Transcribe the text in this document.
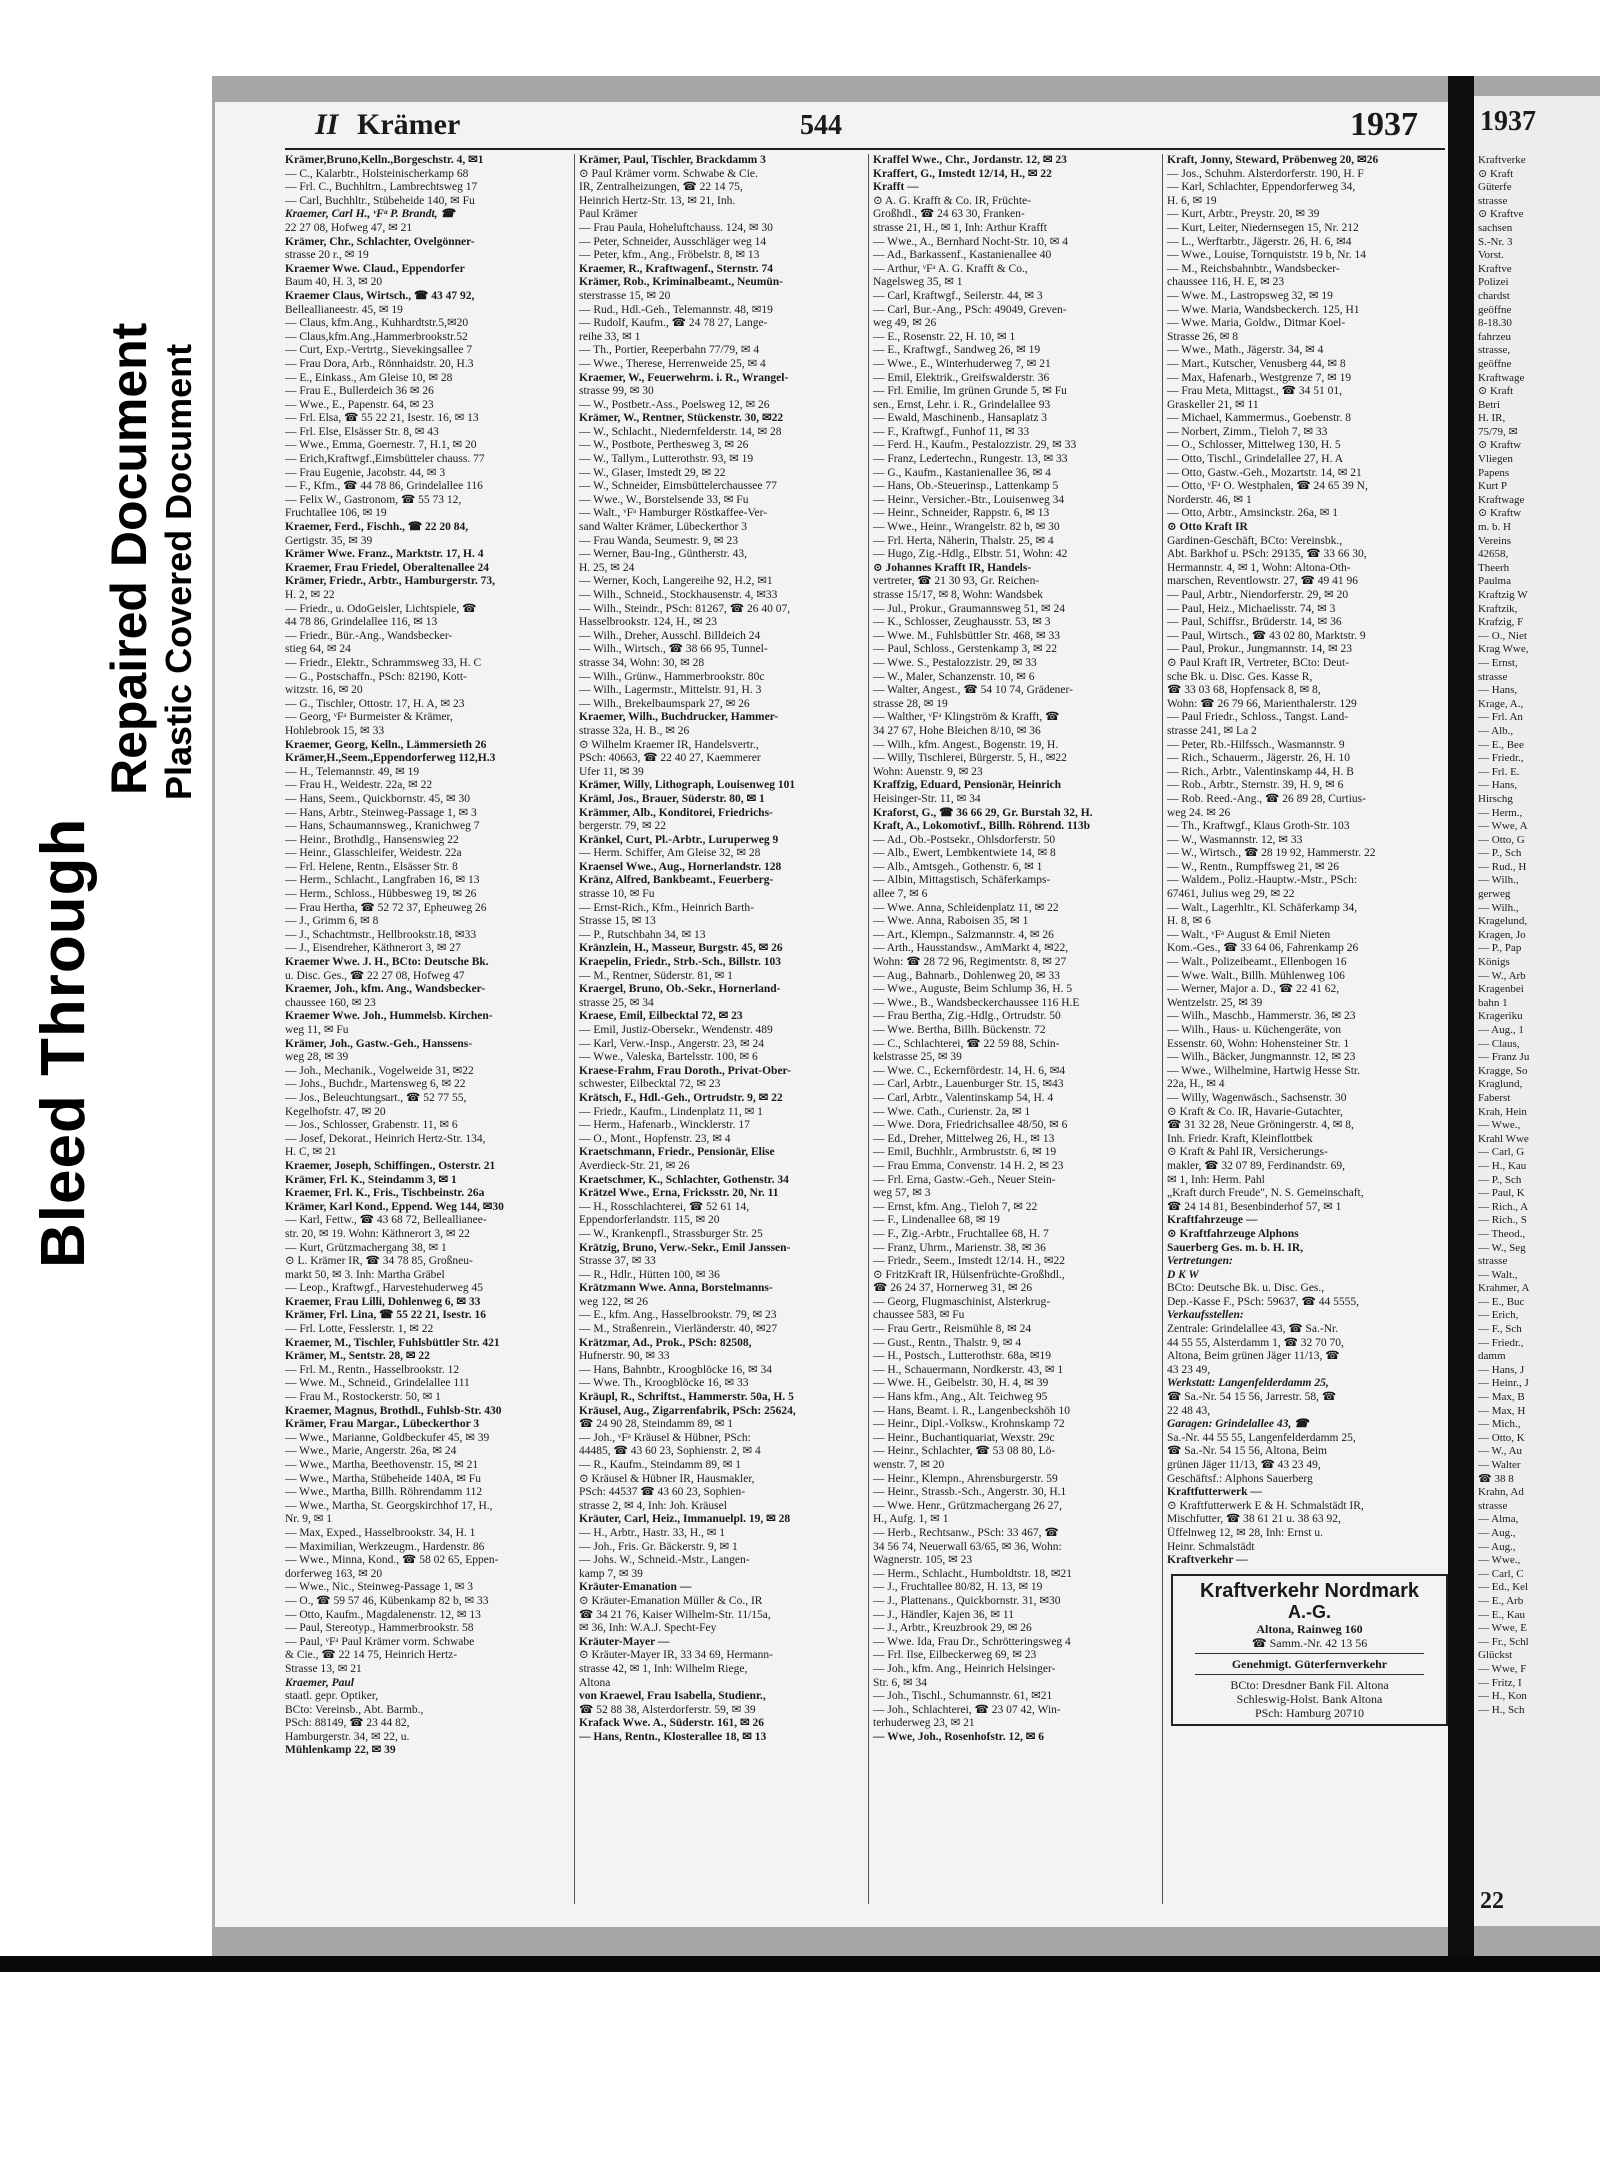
Bleed Through
Repaired Document Plastic Covered Document
II Krämer	544	1937
Krämer,Bruno,Kelln.,Borgeschstr. 4, ✉1
— C., Kalarbtr., Holsteinischerkamp 68
— Frl. C., Buchhltrn., Lambrechtsweg 17
— Carl, Buchhltr., Stübeheide 140, ✉ Fu
Kraemer, Carl H., ᵛFᵃ P. Brandt, ☎
22 27 08, Hofweg 47, ✉ 21
Krämer, Chr., Schlachter, Ovelgönner-
strasse 20 r., ✉ 19
Kraemer Wwe. Claud., Eppendorfer
Baum 40, H. 3, ✉ 20
Kraemer Claus, Wirtsch., ☎ 43 47 92,
Belleallianeestr. 45, ✉ 19
— Claus, kfm.Ang., Kuhhardtstr.5,✉20
— Claus,kfm.Ang.,Hammerbrookstr.52
— Curt, Exp.-Vertrtg., Sievekingsallee 7
— Frau Dora, Arb., Rönnhaidstr. 20, H.3
— E., Einkass., Am Gleise 10, ✉ 28
— Frau E., Bullerdeich 36 ✉ 26
— Wwe., E., Papenstr. 64, ✉ 23
— Frl. Elsa, ☎ 55 22 21, Isestr. 16, ✉ 13
— Frl. Else, Elsässer Str. 8, ✉ 43
— Wwe., Emma, Goernestr. 7, H.1, ✉ 20
— Erich,Kraftwgf.,Eimsbütteler chauss. 77
— Frau Eugenie, Jacobstr. 44, ✉ 3
— F., Kfm., ☎ 44 78 86, Grindelallee 116
— Felix W., Gastronom, ☎ 55 73 12,
Fruchtallee 106, ✉ 19
Kraemer, Ferd., Fischh., ☎ 22 20 84,
Gertigstr. 35, ✉ 39
Krämer Wwe. Franz., Marktstr. 17, H. 4
Kraemer, Frau Friedel, Oberaltenallee 24
Krämer, Friedr., Arbtr., Hamburgerstr. 73,
H. 2, ✉ 22
— Friedr., u. OdoGeisler, Lichtspiele, ☎
44 78 86, Grindelallee 116, ✉ 13
— Friedr., Bür.-Ang., Wandsbecker-
stieg 64, ✉ 24
— Friedr., Elektr., Schrammsweg 33, H. C
— G., Postschaffn., PSch: 82190, Kott-
witzstr. 16, ✉ 20
— G., Tischler, Ottostr. 17, H. A, ✉ 23
— Georg, ᵛFᵃ Burmeister & Krämer,
Hohlebrook 15, ✉ 33
Kraemer, Georg, Kelln., Lämmersieth 26
Krämer,H.,Seem.,Eppendorferweg 112,H.3
— H., Telemannstr. 49, ✉ 19
— Frau H., Weidestr. 22a, ✉ 22
— Hans, Seem., Quickbornstr. 45, ✉ 30
— Hans, Arbtr., Steinweg-Passage 1, ✉ 3
— Hans, Schaumannsweg., Kranichweg 7
— Heinr., Brothdlg., Hansenswieg 22
— Heinr., Glasschleifer, Weidestr. 22a
— Frl. Helene, Rentn., Elsässer Str. 8
— Herm., Schlacht., Langfraben 16, ✉ 13
— Herm., Schloss., Hübbesweg 19, ✉ 26
— Frau Hertha, ☎ 52 72 37, Epheuweg 26
— J., Grimm 6, ✉ 8
— J., Schachtmstr., Hellbrookstr.18, ✉33
— J., Eisendreher, Käthnerort 3, ✉ 27
Kraemer Wwe. J. H., BCto: Deutsche Bk.
u. Disc. Ges., ☎ 22 27 08, Hofweg 47
Kraemer, Joh., kfm. Ang., Wandsbecker-
chaussee 160, ✉ 23
Kraemer Wwe. Joh., Hummelsb. Kirchen-
weg 11, ✉ Fu
Krämer, Joh., Gastw.-Geh., Hanssens-
weg 28, ✉ 39
— Joh., Mechanik., Vogelweide 31, ✉22
— Johs., Buchdr., Martensweg 6, ✉ 22
— Jos., Beleuchtungsart., ☎ 52 77 55,
Kegelhofstr. 47, ✉ 20
— Jos., Schlosser, Grabenstr. 11, ✉ 6
— Josef, Dekorat., Heinrich Hertz-Str. 134,
H. C, ✉ 21
Kraemer, Joseph, Schiffingen., Osterstr. 21
Krämer, Frl. K., Steindamm 3, ✉ 1
Kraemer, Frl. K., Fris., Tischbeinstr. 26a
Krämer, Karl Kond., Eppend. Weg 144, ✉30
— Karl, Fettw., ☎ 43 68 72, Belleallianee-
str. 20, ✉ 19. Wohn: Käthnerort 3, ✉ 22
— Kurt, Grützmachergang 38, ✉ 1
⊙ L. Krämer IR, ☎ 34 78 85, Großneu-
markt 50, ✉ 3. Inh: Martha Gräbel
— Leop., Kraftwgf., Harvestehuderweg 45
Kraemer, Frau Lilli, Dohlenweg 6, ✉ 33
Krämer, Frl. Lina, ☎ 55 22 21, Isestr. 16
— Frl. Lotte, Fesslerstr. 1, ✉ 22
Kraemer, M., Tischler, Fuhlsbüttler Str. 421
Krämer, M., Sentstr. 28, ✉ 22
— Frl. M., Rentn., Hasselbrookstr. 12
— Wwe. M., Schneid., Grindelallee 111
— Frau M., Rostockerstr. 50, ✉ 1
Kraemer, Magnus, Brothdl., Fuhlsb-Str. 430
Krämer, Frau Margar., Lübeckerthor 3
— Wwe., Marianne, Goldbeckufer 45, ✉ 39
— Wwe., Marie, Angerstr. 26a, ✉ 24
— Wwe., Martha, Beethovenstr. 15, ✉ 21
— Wwe., Martha, Stübeheide 140A, ✉ Fu
— Wwe., Martha, Billh. Röhrendamm 112
— Wwe., Martha, St. Georgskirchhof 17, H.,
Nr. 9, ✉ 1
— Max, Exped., Hasselbrookstr. 34, H. 1
— Maximilian, Werkzeugm., Hardenstr. 86
— Wwe., Minna, Kond., ☎ 58 02 65, Eppen-
dorferweg 163, ✉ 20
— Wwe., Nic., Steinweg-Passage 1, ✉ 3
— O., ☎ 59 57 46, Kübenkamp 82 b, ✉ 33
— Otto, Kaufm., Magdalenenstr. 12, ✉ 13
— Paul, Stereotyp., Hammerbrookstr. 58
— Paul, ᵛFᵃ Paul Krämer vorm. Schwabe
& Cie., ☎ 22 14 75, Heinrich Hertz-
Strasse 13, ✉ 21
Kraemer, Paul
staatl. gepr. Optiker,
BCto: Vereinsb., Abt. Barmb.,
PSch: 88149, ☎ 23 44 82,
Hamburgerstr. 34, ✉ 22, u.
Mühlenkamp 22, ✉ 39
Krämer, Paul, Tischler, Brackdamm 3
⊙ Paul Krämer vorm. Schwabe & Cie.
IR, Zentralheizungen, ☎ 22 14 75,
Heinrich Hertz-Str. 13, ✉ 21, Inh.
Paul Krämer
— Frau Paula, Hoheluftchauss. 124, ✉ 30
— Peter, Schneider, Ausschläger weg 14
— Peter, kfm., Ang., Fröbelstr. 8, ✉ 13
Kraemer, R., Kraftwagenf., Sternstr. 74
Krämer, Rob., Kriminalbeamt., Neumün-
sterstrasse 15, ✉ 20
— Rud., Hdl.-Geh., Telemannstr. 48, ✉19
— Rudolf, Kaufm., ☎ 24 78 27, Lange-
reihe 33, ✉ 1
— Th., Portier, Reeperbahn 77/79, ✉ 4
— Wwe., Therese, Herrenweide 25, ✉ 4
Kraemer, W., Feuerwehrm. i. R., Wrangel-
strasse 99, ✉ 30
— W., Postbetr.-Ass., Poelsweg 12, ✉ 26
Krämer, W., Rentner, Stückenstr. 30, ✉22
— W., Schlacht., Niedernfelderstr. 14, ✉ 28
— W., Postbote, Perthesweg 3, ✉ 26
— W., Tallym., Lutterothstr. 93, ✉ 19
— W., Glaser, Imstedt 29, ✉ 22
— W., Schneider, Eimsbüttelerchaussee 77
— Wwe., W., Borstelsende 33, ✉ Fu
— Walt., ᵛFᵃ Hamburger Röstkaffee-Ver-
sand Walter Krämer, Lübeckerthor 3
— Frau Wanda, Seumestr. 9, ✉ 23
— Werner, Bau-Ing., Güntherstr. 43,
H. 25, ✉ 24
— Werner, Koch, Langereihe 92, H.2, ✉1
— Wilh., Schneid., Stockhausenstr. 4, ✉33
— Wilh., Steindr., PSch: 81267, ☎ 26 40 07,
Hasselbrookstr. 124, H., ✉ 23
— Wilh., Dreher, Ausschl. Billdeich 24
— Wilh., Wirtsch., ☎ 38 66 95, Tunnel-
strasse 34, Wohn: 30, ✉ 28
— Wilh., Grünw., Hammerbrookstr. 80c
— Wilh., Lagermstr., Mittelstr. 91, H. 3
— Wilh., Brekelbaumspark 27, ✉ 26
Kraemer, Wilh., Buchdrucker, Hammer-
strasse 32a, H. B., ✉ 26
⊙ Wilhelm Kraemer IR, Handelsvertr.,
PSch: 40663, ☎ 22 40 27, Kaemmerer
Ufer 11, ✉ 39
Krämer, Willy, Lithograph, Louisenweg 101
Kräml, Jos., Brauer, Süderstr. 80, ✉ 1
Krämmer, Alb., Konditorei, Friedrichs-
bergerstr. 79, ✉ 22
Kränkel, Curt, Pl.-Arbtr., Luruperweg 9
— Herm. Schiffer, Am Gleise 32, ✉ 28
Kraensel Wwe., Aug., Hornerlandstr. 128
Kränz, Alfred, Bankbeamt., Feuerberg-
strasse 10, ✉ Fu
— Ernst-Rich., Kfm., Heinrich Barth-
Strasse 15, ✉ 13
— P., Rutschbahn 34, ✉ 13
Kränzlein, H., Masseur, Burgstr. 45, ✉ 26
Kraepelin, Friedr., Strb.-Sch., Billstr. 103
— M., Rentner, Süderstr. 81, ✉ 1
Kraergel, Bruno, Ob.-Sekr., Hornerland-
strasse 25, ✉ 34
Kraese, Emil, Eilbecktal 72, ✉ 23
— Emil, Justiz-Obersekr., Wendenstr. 489
— Karl, Verw.-Insp., Angerstr. 23, ✉ 24
— Wwe., Valeska, Bartelsstr. 100, ✉ 6
Kraese-Frahm, Frau Doroth., Privat-Ober-
schwester, Eilbecktal 72, ✉ 23
Krätsch, F., Hdl.-Geh., Ortrudstr. 9, ✉ 22
— Friedr., Kaufm., Lindenplatz 11, ✉ 1
— Herm., Hafenarb., Wincklerstr. 17
— O., Mont., Hopfenstr. 23, ✉ 4
Kraetschmann, Friedr., Pensionär, Elise
Averdieck-Str. 21, ✉ 26
Kraetschmer, K., Schlachter, Gothenstr. 34
Krätzel Wwe., Erna, Fricksstr. 20, Nr. 11
— H., Rosschlachterei, ☎ 52 61 14,
Eppendorferlandstr. 115, ✉ 20
— W., Krankenpfl., Strassburger Str. 25
Krätzig, Bruno, Verw.-Sekr., Emil Janssen-
Strasse 37, ✉ 33
— R., Hdlr., Hütten 100, ✉ 36
Krätzmann Wwe. Anna, Borstelmanns-
weg 122, ✉ 26
— E., kfm. Ang., Hasselbrookstr. 79, ✉ 23
— M., Straßenrein., Vierländerstr. 40, ✉27
Krätzmar, Ad., Prok., PSch: 82508,
Hufnerstr. 90, ✉ 33
— Hans, Bahnbtr., Kroogblöcke 16, ✉ 34
— Wwe. Th., Kroogblöcke 16, ✉ 33
Kräupl, R., Schriftst., Hammerstr. 50a, H. 5
Kräusel, Aug., Zigarrenfabrik, PSch: 25624,
☎ 24 90 28, Steindamm 89, ✉ 1
— Joh., ᵛFᵃ Kräusel & Hübner, PSch:
44485, ☎ 43 60 23, Sophienstr. 2, ✉ 4
— R., Kaufm., Steindamm 89, ✉ 1
⊙ Kräusel & Hübner IR, Hausmakler,
PSch: 44537 ☎ 43 60 23, Sophien-
strasse 2, ✉ 4, Inh: Joh. Kräusel
Kräuter, Carl, Heiz., Immanuelpl. 19, ✉ 28
— H., Arbtr., Hastr. 33, H., ✉ 1
— Joh., Fris. Gr. Bäckerstr. 9, ✉ 1
— Johs. W., Schneid.-Mstr., Langen-
kamp 7, ✉ 39
Kräuter-Emanation —
⊙ Kräuter-Emanation Müller & Co., IR
☎ 34 21 76, Kaiser Wilhelm-Str. 11/15a,
✉ 36, Inh: W.A.J. Specht-Fey
Kräuter-Mayer —
⊙ Kräuter-Mayer IR, 33 34 69, Hermann-
strasse 42, ✉ 1, Inh: Wilhelm Riege,
Altona
von Kraewel, Frau Isabella, Studienr.,
☎ 52 88 38, Alsterdorferstr. 59, ✉ 39
Krafack Wwe. A., Süderstr. 161, ✉ 26
— Hans, Rentn., Klosterallee 18, ✉ 13
Kraffel Wwe., Chr., Jordanstr. 12, ✉ 23
Kraffert, G., Imstedt 12/14, H., ✉ 22
Krafft —
⊙ A. G. Krafft & Co. IR, Früchte-
Großhdl., ☎ 24 63 30, Franken-
strasse 21, H., ✉ 1, Inh: Arthur Krafft
— Wwe., A., Bernhard Nocht-Str. 10, ✉ 4
— Ad., Barkassenf., Kastanienallee 40
— Arthur, ᵛFᵃ A. G. Krafft & Co.,
Nagelsweg 35, ✉ 1
— Carl, Kraftwgf., Seilerstr. 44, ✉ 3
— Carl, Bur.-Ang., PSch: 49049, Greven-
weg 49, ✉ 26
— E., Rosenstr. 22, H. 10, ✉ 1
— E., Kraftwgf., Sandweg 26, ✉ 19
— Wwe., E., Winterhuderweg 7, ✉ 21
— Emil, Elektrik., Greifswalderstr. 36
— Frl. Emilie, Im grünen Grunde 5, ✉ Fu
sen., Ernst, Lehr. i. R., Grindelallee 93
— Ewald, Maschinenb., Hansaplatz 3
— F., Kraftwgf., Funhof 11, ✉ 33
— Ferd. H., Kaufm., Pestalozzistr. 29, ✉ 33
— Franz, Ledertechn., Rungestr. 13, ✉ 33
— G., Kaufm., Kastanienallee 36, ✉ 4
— Hans, Ob.-Steuerinsp., Lattenkamp 5
— Heinr., Versicher.-Btr., Louisenweg 34
— Heinr., Schneider, Rappstr. 6, ✉ 13
— Wwe., Heinr., Wrangelstr. 82 b, ✉ 30
— Frl. Herta, Näherin, Thalstr. 25, ✉ 4
— Hugo, Zig.-Hdlg., Elbstr. 51, Wohn: 42
⊙ Johannes Krafft IR, Handels-
vertreter, ☎ 21 30 93, Gr. Reichen-
strasse 15/17, ✉ 8, Wohn: Wandsbek
— Jul., Prokur., Graumannsweg 51, ✉ 24
— K., Schlosser, Zeughausstr. 53, ✉ 3
— Wwe. M., Fuhlsbüttler Str. 468, ✉ 33
— Paul, Schloss., Gerstenkamp 3, ✉ 22
— Wwe. S., Pestalozzistr. 29, ✉ 33
— W., Maler, Schanzenstr. 10, ✉ 6
— Walter, Angest., ☎ 54 10 74, Grädener-
strasse 28, ✉ 19
— Walther, ᵛFᵃ Klingström & Krafft, ☎
34 27 67, Hohe Bleichen 8/10, ✉ 36
— Wilh., kfm. Angest., Bogenstr. 19, H.
— Willy, Tischlerei, Bürgerstr. 5, H., ✉22
Wohn: Auenstr. 9, ✉ 23
Kraffzig, Eduard, Pensionär, Heinrich
Heisinger-Str. 11, ✉ 34
Kraforst, G., ☎ 36 66 29, Gr. Burstah 32, H.
Kraft, A., Lokomotivf., Billh. Röhrend. 113b
— Ad., Ob.-Postsekr., Ohlsdorferstr. 50
— Alb., Ewert, Lembkentwiete 14, ✉ 8
— Alb., Amtsgeh., Gothenstr. 6, ✉ 1
— Albin, Mittagstisch, Schäferkamps-
allee 7, ✉ 6
— Wwe. Anna, Schleidenplatz 11, ✉ 22
— Wwe. Anna, Raboisen 35, ✉ 1
— Art., Klempn., Salzmannstr. 4, ✉ 26
— Arth., Hausstandsw., AmMarkt 4, ✉22,
Wohn: ☎ 28 72 96, Regimentstr. 8, ✉ 27
— Aug., Bahnarb., Dohlenweg 20, ✉ 33
— Wwe., Auguste, Beim Schlump 36, H. 5
— Wwe., B., Wandsbeckerchaussee 116 H.E
— Frau Bertha, Zig.-Hdlg., Ortrudstr. 50
— Wwe. Bertha, Billh. Bückenstr. 72
— C., Schlachterei, ☎ 22 59 88, Schin-
kelstrasse 25, ✉ 39
— Wwe. C., Eckernfördestr. 14, H. 6, ✉4
— Carl, Arbtr., Lauenburger Str. 15, ✉43
— Carl, Arbtr., Valentinskamp 54, H. 4
— Wwe. Cath., Curienstr. 2a, ✉ 1
— Wwe. Dora, Friedrichsallee 48/50, ✉ 6
— Ed., Dreher, Mittelweg 26, H., ✉ 13
— Emil, Buchhlr., Armbruststr. 6, ✉ 19
— Frau Emma, Convenstr. 14 H. 2, ✉ 23
— Frl. Erna, Gastw.-Geh., Neuer Stein-
weg 57, ✉ 3
— Ernst, kfm. Ang., Tieloh 7, ✉ 22
— F., Lindenallee 68, ✉ 19
— F., Zig.-Arbtr., Fruchtallee 68, H. 7
— Franz, Uhrm., Marienstr. 38, ✉ 36
— Friedr., Seem., Imstedt 12/14. H., ✉22
⊙ FritzKraft IR, Hülsenfrüchte-Großhdl.,
☎ 26 24 37, Hornerweg 31, ✉ 26
— Georg, Flugmaschinist, Alsterkrug-
chaussee 583, ✉ Fu
— Frau Gertr., Reismühle 8, ✉ 24
— Gust., Rentn., Thalstr. 9, ✉ 4
— H., Postsch., Lutterothstr. 68a, ✉19
— H., Schauermann, Nordkerstr. 43, ✉ 1
— Wwe. H., Geibelstr. 30, H. 4, ✉ 39
— Hans kfm., Ang., Alt. Teichweg 95
— Hans, Beamt. i. R., Langenbeckshöh 10
— Heinr., Dipl.-Volksw., Krohnskamp 72
— Heinr., Buchantiquariat, Wexstr. 29c
— Heinr., Schlachter, ☎ 53 08 80, Lö-
wenstr. 7, ✉ 20
— Heinr., Klempn., Ahrensburgerstr. 59
— Heinr., Strassb.-Sch., Angerstr. 30, H.1
— Wwe. Henr., Grützmachergang 26 27,
H., Aufg. 1, ✉ 1
— Herb., Rechtsanw., PSch: 33 467, ☎
34 56 74, Neuerwall 63/65, ✉ 36, Wohn:
Wagnerstr. 105, ✉ 23
— Herm., Schlacht., Humboldtstr. 18, ✉21
— J., Fruchtallee 80/82, H. 13, ✉ 19
— J., Plattenans., Quickbornstr. 31, ✉30
— J., Händler, Kajen 36, ✉ 11
— J., Arbtr., Kreuzbrook 29, ✉ 26
— Wwe. Ida, Frau Dr., Schrötteringsweg 4
— Frl. Ilse, Eilbeckerweg 69, ✉ 23
— Joh., kfm. Ang., Heinrich Helsinger-
Str. 6, ✉ 34
— Joh., Tischl., Schumannstr. 61, ✉21
— Joh., Schlachterei, ☎ 23 07 42, Win-
terhuderweg 23, ✉ 21
— Wwe, Joh., Rosenhofstr. 12, ✉ 6
Kraft, Jonny, Steward, Pröbenweg 20, ✉26
— Jos., Schuhm. Alsterdorferstr. 190, H. F
— Karl, Schlachter, Eppendorferweg 34,
H. 6, ✉ 19
— Kurt, Arbtr., Preystr. 20, ✉ 39
— Kurt, Leiter, Niedernsegen 15, Nr. 212
— L., Werftarbtr., Jägerstr. 26, H. 6, ✉4
— Wwe., Louise, Tornquiststr. 19 b, Nr. 14
— M., Reichsbahnbtr., Wandsbecker-
chaussee 116, H. E, ✉ 23
— Wwe. M., Lastropsweg 32, ✉ 19
— Wwe. Maria, Wandsbeckerch. 125, H1
— Wwe. Maria, Goldw., Ditmar Koel-
Strasse 26, ✉ 8
— Wwe., Math., Jägerstr. 34, ✉ 4
— Mart., Kutscher, Venusberg 44, ✉ 8
— Max, Hafenarb., Westgrenze 7, ✉ 19
— Frau Meta, Mittagst., ☎ 34 51 01,
Graskeller 21, ✉ 11
— Michael, Kammermus., Goebenstr. 8
— Norbert, Zimm., Tieloh 7, ✉ 33
— O., Schlosser, Mittelweg 130, H. 5
— Otto, Tischl., Grindelallee 27, H. A
— Otto, Gastw.-Geh., Mozartstr. 14, ✉ 21
— Otto, ᵛFᵃ O. Westphalen, ☎ 24 65 39 N,
Norderstr. 46, ✉ 1
— Otto, Arbtr., Amsinckstr. 26a, ✉ 1
⊙ Otto Kraft IR
Gardinen-Geschäft, BCto: Vereinsbk.,
Abt. Barkhof u. PSch: 29135, ☎ 33 66 30,
Hermannstr. 4, ✉ 1, Wohn: Altona-Oth-
marschen, Reventlowstr. 27, ☎ 49 41 96
— Paul, Arbtr., Niendorferstr. 29, ✉ 20
— Paul, Heiz., Michaelisstr. 74, ✉ 3
— Paul, Schiffsr., Brüderstr. 14, ✉ 36
— Paul, Wirtsch., ☎ 43 02 80, Marktstr. 9
— Paul, Prokur., Jungmannstr. 14, ✉ 23
⊙ Paul Kraft IR, Vertreter, BCto: Deut-
sche Bk. u. Disc. Ges. Kasse R,
☎ 33 03 68, Hopfensack 8, ✉ 8,
Wohn: ☎ 26 79 66, Marienthalerstr. 129
— Paul Friedr., Schloss., Tangst. Land-
strasse 241, ✉ La 2
— Peter, Rb.-Hilfssch., Wasmannstr. 9
— Rich., Schauerm., Jägerstr. 26, H. 10
— Rich., Arbtr., Valentinskamp 44, H. B
— Rob., Arbtr., Sternstr. 39, H. 9, ✉ 6
— Rob. Reed.-Ang., ☎ 26 89 28, Curtius-
weg 24. ✉ 26
— Th., Kraftwgf., Klaus Groth-Str. 103
— W., Wasmannstr. 12, ✉ 33
— W., Wirtsch., ☎ 28 19 92, Hammerstr. 22
— W., Rentn., Rumpffsweg 21, ✉ 26
— Waldem., Poliz.-Hauptw.-Mstr., PSch:
67461, Julius weg 29, ✉ 22
— Walt., Lagerhltr., Kl. Schäferkamp 34,
H. 8, ✉ 6
— Walt., ᵛFᵃ August & Emil Nieten
Kom.-Ges., ☎ 33 64 06, Fahrenkamp 26
— Walt., Polizeibeamt., Ellenbogen 16
— Wwe. Walt., Billh. Mühlenweg 106
— Werner, Major a. D., ☎ 22 41 62,
Wentzelstr. 25, ✉ 39
— Wilh., Maschb., Hammerstr. 36, ✉ 23
— Wilh., Haus- u. Küchengeräte, von
Essenstr. 60, Wohn: Hohensteiner Str. 1
— Wilh., Bäcker, Jungmannstr. 12, ✉ 23
— Wwe., Wilhelmine, Hartwig Hesse Str.
22a, H., ✉ 4
— Willy, Wagenwäsch., Sachsenstr. 30
⊙ Kraft & Co. IR, Havarie-Gutachter,
☎ 31 32 28, Neue Gröningerstr. 4, ✉ 8,
Inh. Friedr. Kraft, Kleinflottbek
⊙ Kraft & Pahl IR, Versicherungs-
makler, ☎ 32 07 89, Ferdinandstr. 69,
✉ 1, Inh: Herm. Pahl
„Kraft durch Freude", N. S. Gemeinschaft,
☎ 24 14 81, Besenbinderhof 57, ✉ 1
Kraftfahrzeuge —
⊙ Kraftfahrzeuge Alphons
Sauerberg Ges. m. b. H. IR,
Vertretungen:
D K W
BCto: Deutsche Bk. u. Disc. Ges.,
Dep.-Kasse F., PSch: 59637, ☎ 44 5555,
Verkaufsstellen:
Zentrale: Grindelallee 43, ☎ Sa.-Nr.
44 55 55, Alsterdamm 1, ☎ 32 70 70,
Altona, Beim grünen Jäger 11/13, ☎
43 23 49,
Werkstatt: Langenfelderdamm 25,
☎ Sa.-Nr. 54 15 56, Jarrestr. 58, ☎
22 48 43,
Garagen: Grindelallee 43, ☎
Sa.-Nr. 44 55 55, Langenfelderdamm 25,
☎ Sa.-Nr. 54 15 56, Altona, Beim
grünen Jäger 11/13, ☎ 43 23 49,
Geschäftsf.: Alphons Sauerberg
Kraftfutterwerk —
⊙ Kraftfutterwerk E & H. Schmalstädt IR,
Mischfutter, ☎ 38 61 21 u. 38 63 92,
Üffelnweg 12, ✉ 28, Inh: Ernst u.
Heinr. Schmalstädt
Kraftverkehr —
Kraftverkehr Nordmark
A.-G.
Altona, Rainweg 160
☎ Samm.-Nr. 42 13 56
Genehmigt. Güterfernverkehr
BCto: Dresdner Bank Fil. Altona
Schleswig-Holst. Bank Altona
PSch: Hamburg 20710
1937
Kraftverke
⊙ Kraft
Güterfe
strasse
⊙ Kraftve
sachsen
S.-Nr. 3
Vorst.
Kraftve
Polizei
chardst
geöffne
8-18.30
fahrzeu
strasse,
geöffne
Kraftwage
⊙ Kraft
Betri
H. IR,
75/79, ✉
⊙ Kraftw
Vliegen
Papens
Kurt P
Kraftwage
⊙ Kraftw
m. b. H
Vereins
42658,
Theerh
Paulma
Kraftzig W
Kraftzik,
Krafzig, F
— O., Niet
Krag Wwe,
— Ernst,
strasse
— Hans,
Krage, A.,
— Frl. An
— Alb.,
— E., Bee
— Friedr.,
— Frl. E.
— Hans,
Hirschg
— Herm.,
— Wwe, A
— Otto, G
— P., Sch
— Rud., H
— Wilh.,
gerweg
— Wilh.,
Kragelund,
Kragen, Jo
— P., Pap
Königs
— W., Arb
Kragenbei
bahn 1
Krageriku
— Aug., 1
— Claus,
— Franz Ju
Kragge, So
Kraglund,
Faberst
Krah, Hein
— Wwe.,
Krahl Wwe
— Carl, G
— H., Kau
— P., Sch
— Paul, K
— Rich., A
— Rich., S
— Theod.,
— W., Seg
strasse
— Walt.,
Krahmer, A
— E., Buc
— Erich,
— F., Sch
— Friedr.,
damm
— Hans, J
— Heinr., J
— Max, B
— Max, H
— Mich.,
— Otto, K
— W., Au
— Walter
☎ 38 8
Krahn, Ad
strasse
— Alma,
— Aug.,
— Aug.,
— Wwe.,
— Carl, C
— Ed., Kel
— E., Arb
— E., Kau
— Wwe, E
— Fr., Schl
Glückst
— Wwe, F
— Fritz, I
— H., Kon
— H., Sch
22
